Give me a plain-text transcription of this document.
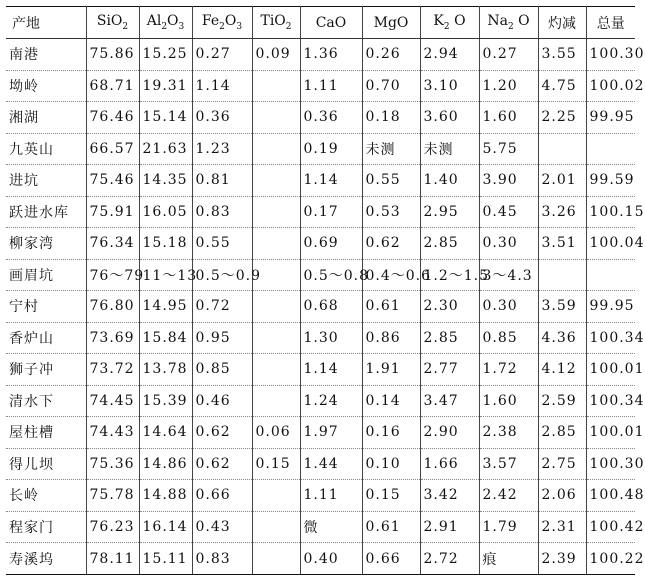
产地	SiO$_2$	$Al_2O_3$	$Fe_2O_3$	TiO$_2$	CaO	MgO	$K_2$ O	$Na_2$ O	灼减	总量
南港	75.86	15.25	0.27	0.09	1.36	0.26	2.94	0.27	3.55	100.30
坳岭	68.71	19.31	1.14		1.11	0.70	3.10	1.20	4.75	100.02
湘湖	76.46	15.14	0.36		0.36	0.18	3.60	1.60	2.25	99.95
九英山	66.57	21.63	1.23		0.19	未测	未测	5.75		
进坑	75.46	14.35	0.81		1.14	0.55	1.40	3.90	2.01	99.59
跃进水库	75.91	16.05	0.83		0.17	0.53	2.95	0.45	3.26	100.15
柳家湾	76.34	15.18	0.55		0.69	0.62	2.85	0.30	3.51	100.04
画眉坑	76～79	11～13	0.5～0.9		0.5～0.8	0.4～0.6	1.2～1.5	3～4.3		
宁村	76.80	14.95	0.72		0.68	0.61	2.30	0.30	3.59	99.95
香炉山	73.69	15.84	0.95		1.30	0.86	2.85	0.85	4.36	100.34
狮子冲	73.72	13.78	0.85		1.14	1.91	2.77	1.72	4.12	100.01
清水下	74.45	15.39	0.46		1.24	0.14	3.47	1.60	2.59	100.34
屋柱槽	74.43	14.64	0.62	0.06	1.97	0.16	2.90	2.38	2.85	100.01
得儿坝	75.36	14.86	0.62	0.15	1.44	0.10	1.66	3.57	2.75	100.30
长岭	75.78	14.88	0.66		1.11	0.15	3.42	2.42	2.06	100.48
程家门	76.23	16.14	0.43		微	0.61	2.91	1.79	2.31	100.42
寿溪坞	78.11	15.11	0.83		0.40	0.66	2.72	痕	2.39	100.22
